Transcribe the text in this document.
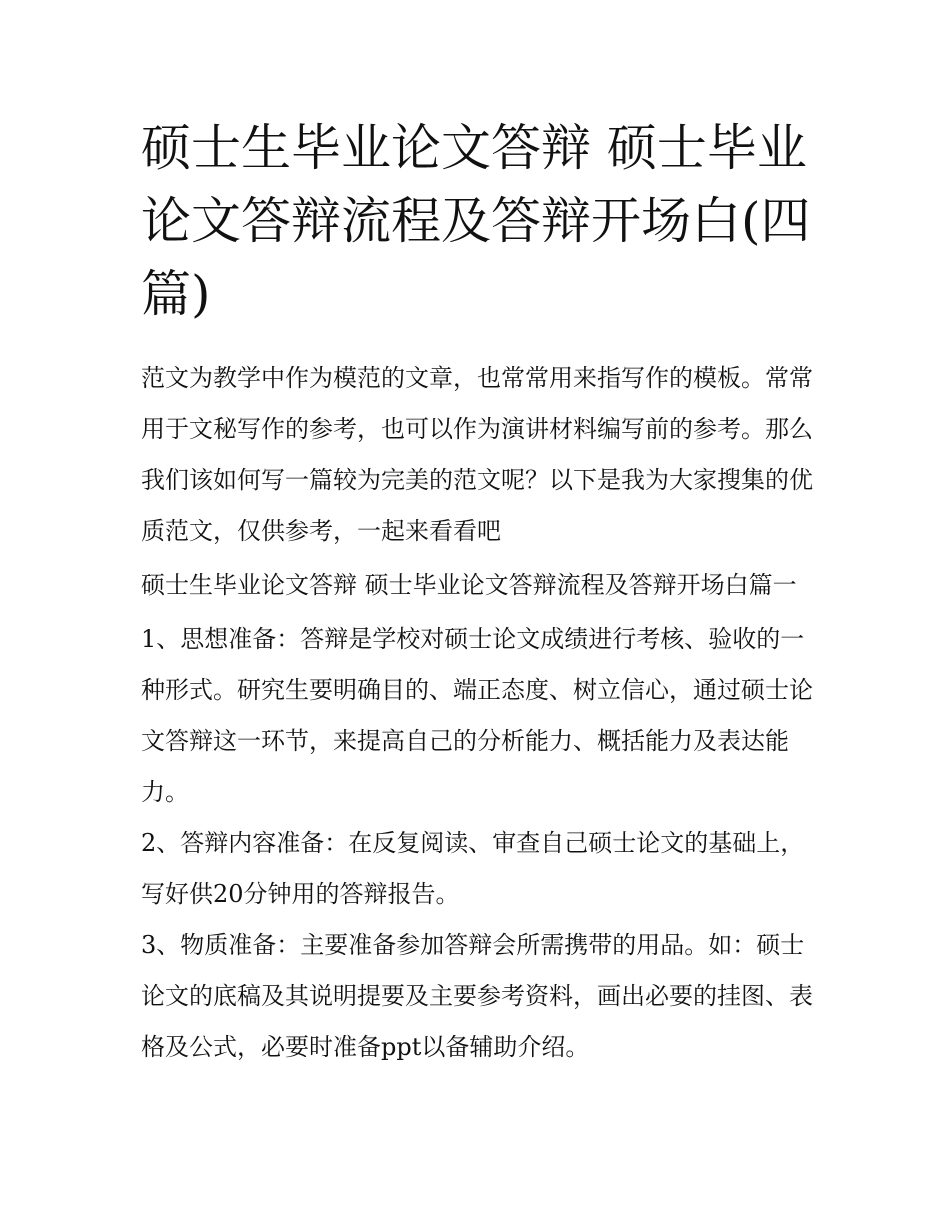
硕士生毕业论文答辩 硕士毕业论文答辩流程及答辩开场白(四篇)

范文为教学中作为模范的文章，也常常用来指写作的模板。常常用于文秘写作的参考，也可以作为演讲材料编写前的参考。那么我们该如何写一篇较为完美的范文呢？以下是我为大家搜集的优质范文，仅供参考，一起来看看吧

硕士生毕业论文答辩 硕士毕业论文答辩流程及答辩开场白篇一

1、思想准备：答辩是学校对硕士论文成绩进行考核、验收的一种形式。研究生要明确目的、端正态度、树立信心，通过硕士论文答辩这一环节，来提高自己的分析能力、概括能力及表达能力。

2、答辩内容准备：在反复阅读、审查自己硕士论文的基础上，写好供20分钟用的答辩报告。

3、物质准备：主要准备参加答辩会所需携带的用品。如：硕士论文的底稿及其说明提要及主要参考资料，画出必要的挂图、表格及公式，必要时准备ppt以备辅助介绍。
